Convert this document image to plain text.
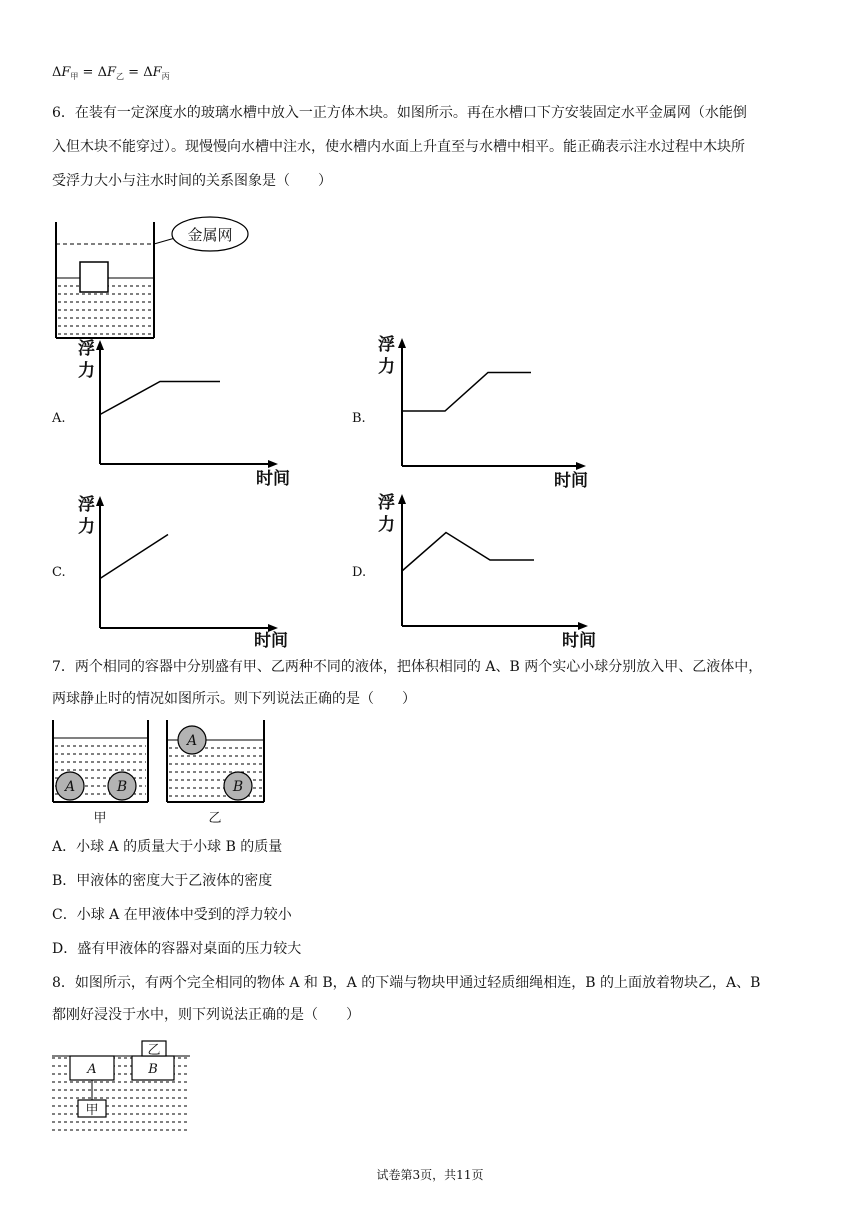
$\Delta F_甲 = \Delta F_乙 = \Delta F_丙$
6．在装有一定深度水的玻璃水槽中放入一正方体木块。如图所示。再在水槽口下方安装固定水平金属网（水能倒
入但木块不能穿过）。现慢慢向水槽中注水，使水槽内水面上升直至与水槽中相平。能正确表示注水过程中木块所
受浮力大小与注水时间的关系图象是（　　）
金属网
A.
浮
力
时间
B.
浮
力
时间
C.
浮
力
时间
D.
浮
力
时间
7．两个相同的容器中分别盛有甲、乙两种不同的液体，把体积相同的 A、B 两个实心小球分别放入甲、乙液体中，
两球静止时的情况如图所示。则下列说法正确的是（　　）
A	B
A
B
甲	乙
A．小球 A 的质量大于小球 B 的质量
B．甲液体的密度大于乙液体的密度
C．小球 A 在甲液体中受到的浮力较小
D．盛有甲液体的容器对桌面的压力较大
8．如图所示，有两个完全相同的物体 A 和 B，A 的下端与物块甲通过轻质细绳相连，B 的上面放着物块乙，A、B
都刚好浸没于水中，则下列说法正确的是（　　）
A
甲
B
乙
试卷第3页，共11页
